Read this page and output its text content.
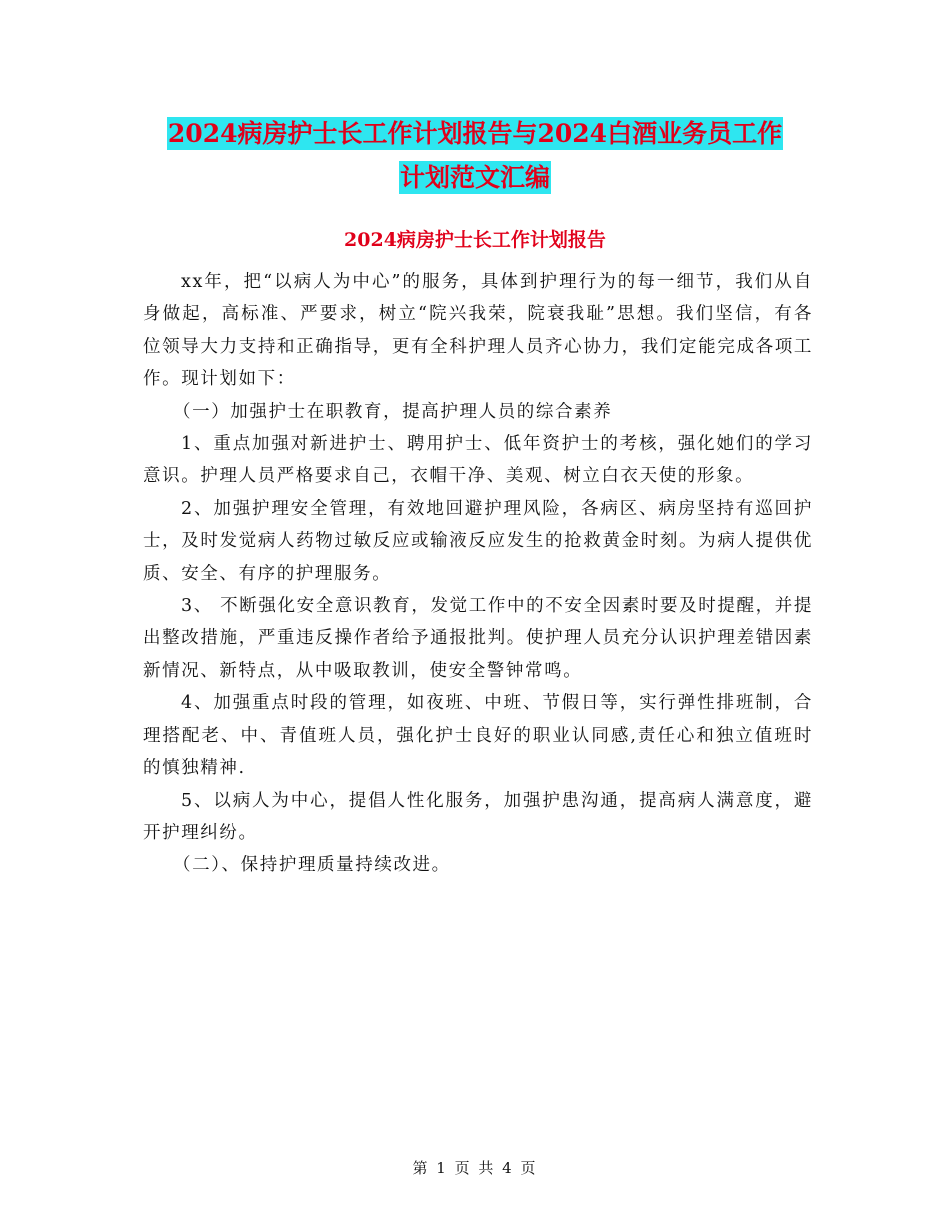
2024病房护士长工作计划报告与2024白酒业务员工作
计划范文汇编
2024病房护士长工作计划报告

xx年，把“以病人为中心”的服务，具体到护理行为的每一细节，我们从自身做起，高标准、严要求，树立“院兴我荣，院衰我耻”思想。我们坚信，有各位领导大力支持和正确指导，更有全科护理人员齐心协力，我们定能完成各项工作。现计划如下：

（一）加强护士在职教育，提高护理人员的综合素养

1、重点加强对新进护士、聘用护士、低年资护士的考核，强化她们的学习意识。护理人员严格要求自己，衣帽干净、美观、树立白衣天使的形象。

2、加强护理安全管理，有效地回避护理风险，各病区、病房坚持有巡回护士，及时发觉病人药物过敏反应或输液反应发生的抢救黄金时刻。为病人提供优质、安全、有序的护理服务。

3、 不断强化安全意识教育，发觉工作中的不安全因素时要及时提醒，并提出整改措施，严重违反操作者给予通报批判。使护理人员充分认识护理差错因素新情况、新特点，从中吸取教训，使安全警钟常鸣。

4、加强重点时段的管理，如夜班、中班、节假日等，实行弹性排班制，合理搭配老、中、青值班人员，强化护士良好的职业认同感,责任心和独立值班时的慎独精神.

5、以病人为中心，提倡人性化服务，加强护患沟通，提高病人满意度，避开护理纠纷。

（二）、保持护理质量持续改进。

第 1 页 共 4 页
